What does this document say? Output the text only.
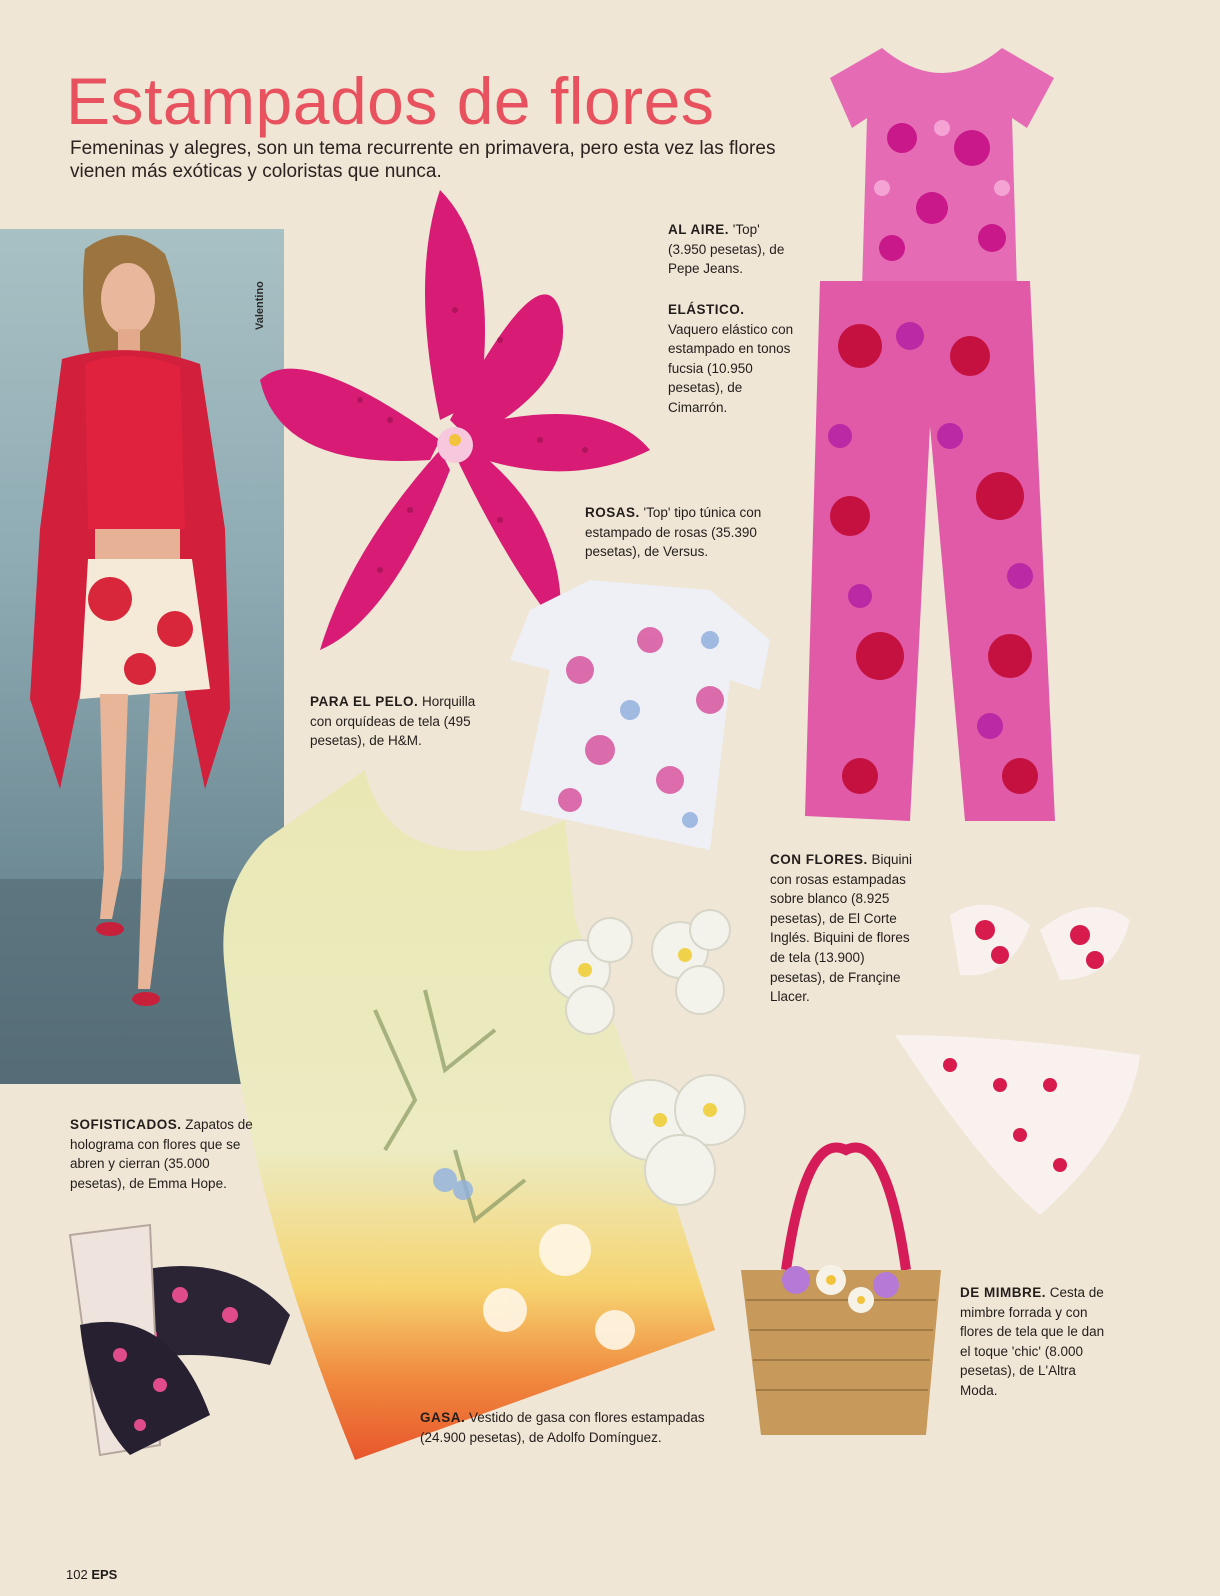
Estampados de flores

Femeninas y alegres, son un tema recurrente en primavera, pero esta vez las flores vienen más exóticas y coloristas que nunca.

Valentino

AL AIRE. 'Top' (3.950 pesetas), de Pepe Jeans.

ELÁSTICO. Vaquero elástico con estampado en tonos fucsia (10.950 pesetas), de Cimarrón.

ROSAS. 'Top' tipo túnica con estampado de rosas (35.390 pesetas), de Versus.

PARA EL PELO. Horquilla con orquídeas de tela (495 pesetas), de H&M.

CON FLORES. Biquini con rosas estampadas sobre blanco (8.925 pesetas), de El Corte Inglés. Biquini de flores de tela (13.900) pesetas), de Françine Llacer.

SOFISTICADOS. Zapatos de holograma con flores que se abren y cierran (35.000 pesetas), de Emma Hope.

DE MIMBRE. Cesta de mimbre forrada y con flores de tela que le dan el toque 'chic' (8.000 pesetas), de L'Altra Moda.

GASA. Vestido de gasa con flores estampadas (24.900 pesetas), de Adolfo Domínguez.

102 EPS
